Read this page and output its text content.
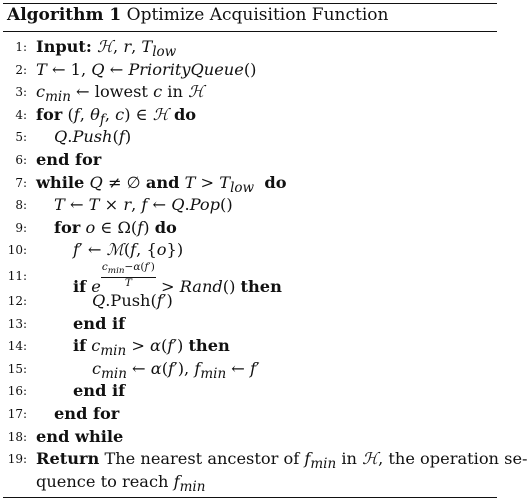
Algorithm 1 Optimize Acquisition Function
1: Input: ℋ, r, $T_{low}$
2: T ← 1, Q ← PriorityQueue()
3: $c_{min}$ ← lowest c in ℋ
4: for (f, $\theta_f$, c) ∈ ℋ do
5: Q.Push(f)
6: end for
7: while Q ≠ ∅ and $T > T_{low}$ do
8: T ← T × r, f ← Q.Pop()
9: for o ∈ Ω(f) do
10:	f′ ← ℳ(f, {o})
11:
if e $\frac{c_{min}-\alpha(f')}{T}$ > Rand() then
12:	Q.Push(f′)
13:	end if
14:	if $c_{min} > \alpha(f')$ then
15:	$c_{min}$ ← α(f′), $f_{min}$ ← f′
16:	end if
17: end for
18: end while
19: Return The nearest ancestor of $f_{min}$ in ℋ, the operation se-
quence to reach $f_{min}$
